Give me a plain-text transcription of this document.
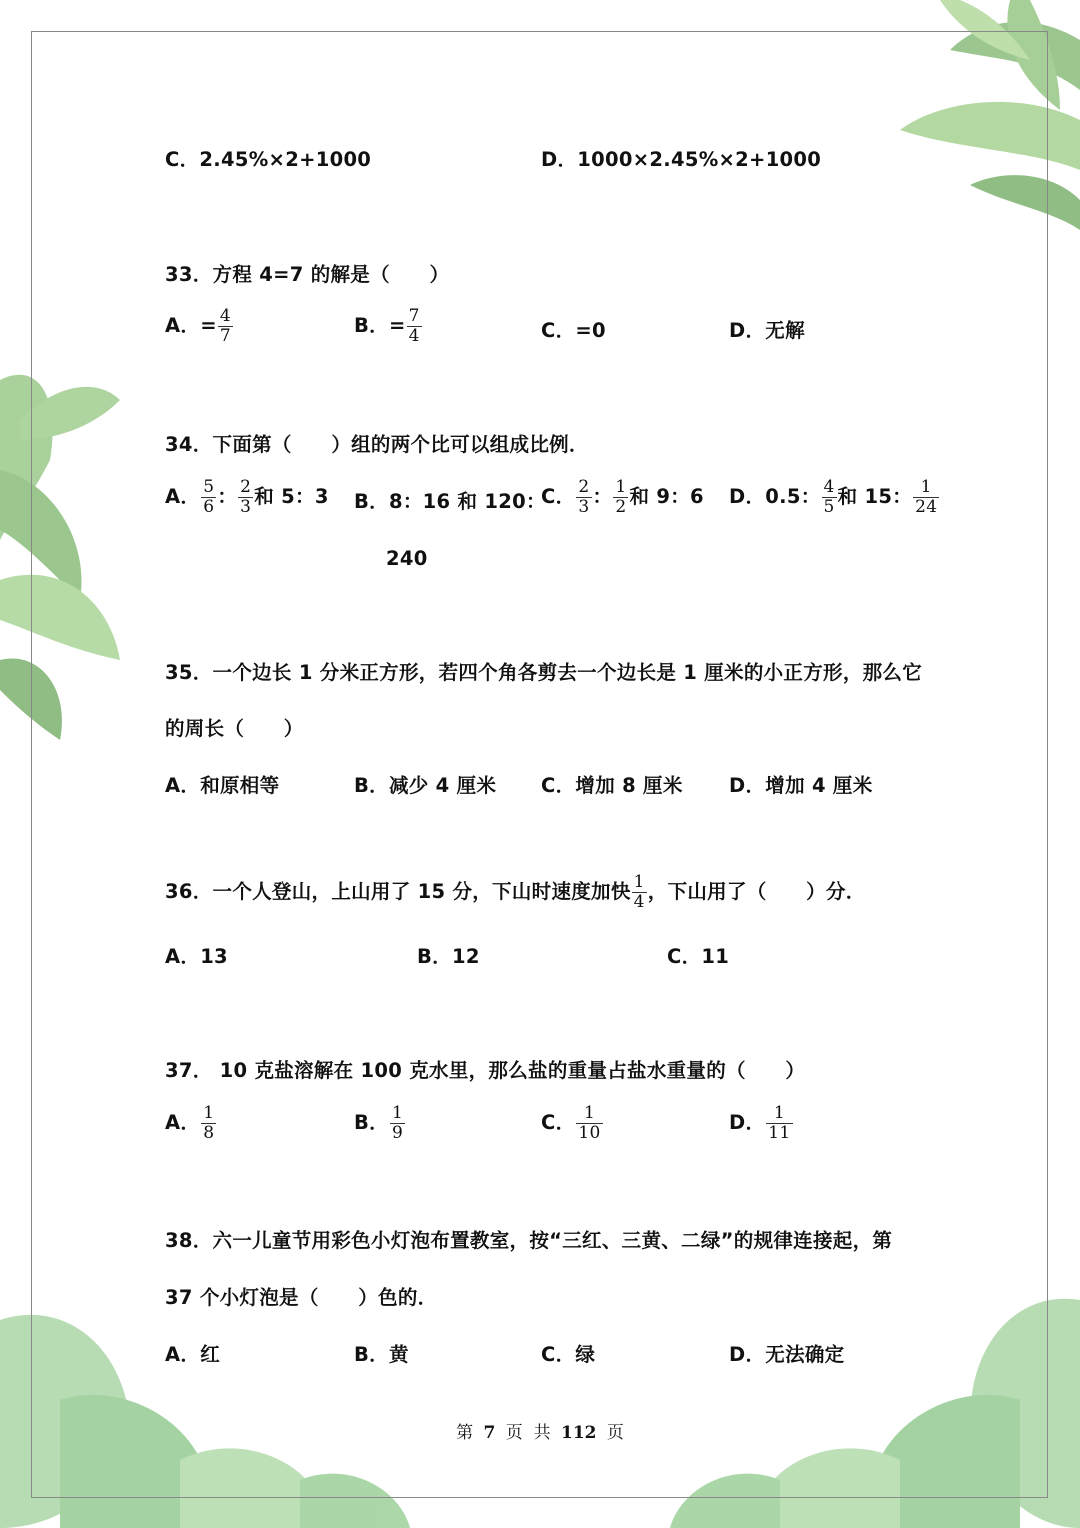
C．2.45%×2+1000	D．1000×2.45%×2+1000
33．方程 4=7 的解是（　　）
A．= $\frac{4}{7}$	B．= $\frac{7}{4}$	C．=0	D．无解
34．下面第（　　）组的两个比可以组成比例．
A． $\frac{5}{6}$ ： $\frac{2}{3}$ 和 5：3 B．8：16 和 120：
240
C． $\frac{2}{3}$ ： $\frac{1}{2}$ 和 9：6 D．0.5： $\frac{4}{5}$ 和 15： $\frac{1}{24}$
35．一个边长 1 分米正方形，若四个角各剪去一个边长是 1 厘米的小正方形，那么它
的周长（　　）
A．和原相等	B．减少 4 厘米 C．增加 8 厘米 D．增加 4 厘米
36．一个人登山，上山用了 15 分，下山时速度加快 $\frac{1}{4}$ ，下山用了（　　）分．
A．13	B．12	C．11
37． 10 克盐溶解在 100 克水里，那么盐的重量占盐水重量的（　　）
A． $\frac{1}{8}$	B． $\frac{1}{9}$	C． $\frac{1}{10}$	D． $\frac{1}{11}$
38．六一儿童节用彩色小灯泡布置教室，按“三红、三黄、二绿”的规律连接起，第
37 个小灯泡是（　　）色的．
A．红	B．黄	C．绿	D．无法确定
第 7 页 共 112 页
